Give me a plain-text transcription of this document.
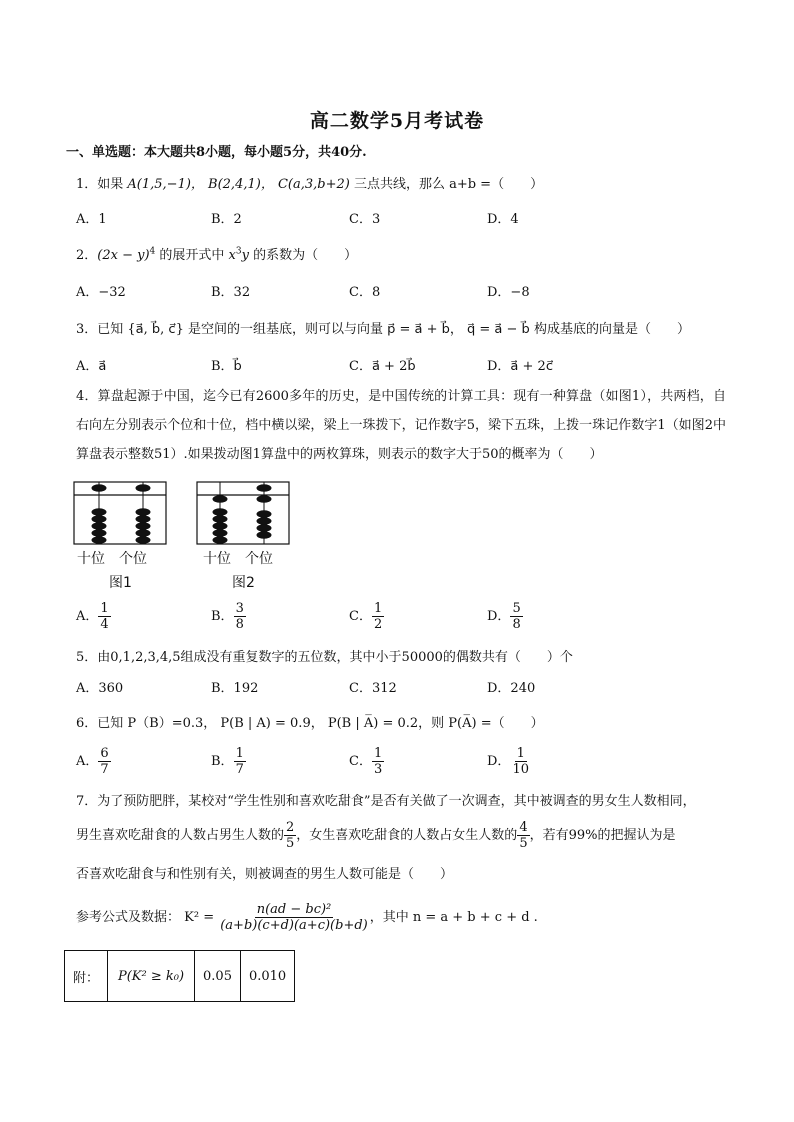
高二数学5月考试卷
一、单选题：本大题共8小题，每小题5分，共40分.
1．如果 A(1,5,−1)， B(2,4,1)， C(a,3,b+2) 三点共线，那么 a+b =（　　）
A．1	B．2	C．3	D．4
2．$(2x - y)^4$ 的展开式中 $x^3y$ 的系数为（　　）
A．−32	B．32	C．8	D．−8
3．已知 {a⃗, b⃗, c⃗} 是空间的一组基底，则可以与向量 p⃗ = a⃗ + b⃗， q⃗ = a⃗ − b⃗ 构成基底的向量是（　　）
A．a⃗	B．b⃗	C．a⃗ + 2b⃗	D．a⃗ + 2c⃗
4．算盘起源于中国，迄今已有2600多年的历史，是中国传统的计算工具：现有一种算盘（如图1），共两档，自右向左分别表示个位和十位，档中横以梁，梁上一珠拨下，记作数字5，梁下五珠，上拨一珠记作数字1（如图2中算盘表示整数51）.如果拨动图1算盘中的两枚算珠，则表示的数字大于50的概率为（　　）
十位　个位
图1
十位　个位
图2
A． $\frac{1}{4}$	B． $\frac{3}{8}$	C． $\frac{1}{2}$	D． $\frac{5}{8}$
5．由0,1,2,3,4,5组成没有重复数字的五位数，其中小于50000的偶数共有（　　）个
A．360	B．192	C．312	D．240
6．已知 P（B）=0.3， P(B | A) = 0.9， P(B | A̅) = 0.2，则 P(A̅) =（　　）
A． $\frac{6}{7}$	B． $\frac{1}{7}$	C． $\frac{1}{3}$	D． $\frac{1}{10}$
7．为了预防肥胖，某校对“学生性别和喜欢吃甜食”是否有关做了一次调查，其中被调查的男女生人数相同，
男生喜欢吃甜食的人数占男生人数的 $\frac{2}{5}$ ，女生喜欢吃甜食的人数占女生人数的 $\frac{4}{5}$ ，若有99%的把握认为是
否喜欢吃甜食与和性别有关，则被调查的男生人数可能是（　　）
参考公式及数据： $K^2 = \frac{\text{n(ad − bc)²}}{(a+b)(c+d)(a+c)(b+d)}$ ，其中 n = a + b + c + d .
附：	P(K² ≥ k₀)	0.05	0.010
